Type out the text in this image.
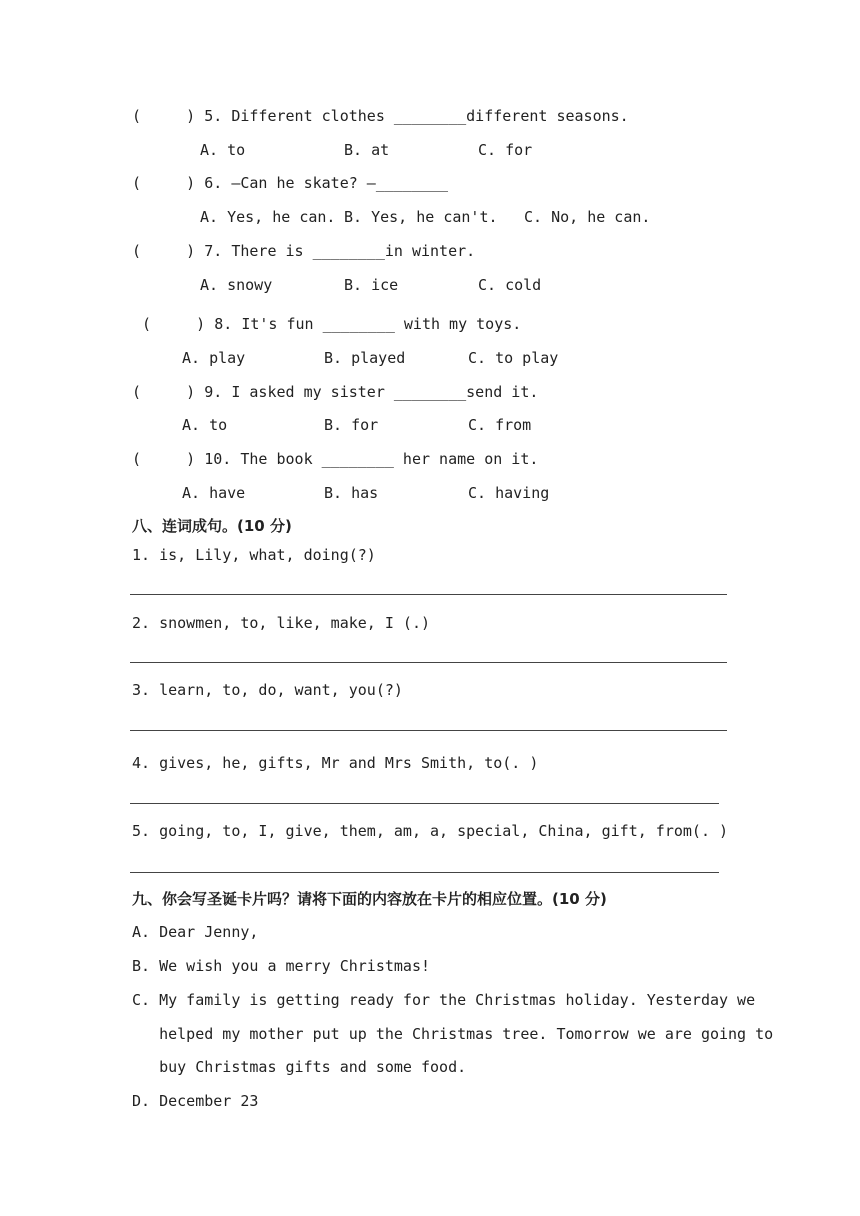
(     ) 5. Different clothes ________different seasons.
A. to	B. at	C. for
(     ) 6. —Can he skate? —________
A. Yes, he can. B. Yes, he can't. C. No, he can.
(     ) 7. There is ________in winter.
A. snowy	B. ice	C. cold
(     ) 8. It's fun ________ with my toys.
A. play	B. played	C. to play
(     ) 9. I asked my sister ________send it.
A. to	B. for	C. from
(     ) 10. The book ________ her name on it.
A. have	B. has	C. having
八、连词成句。(10 分)
1. is, Lily, what, doing(?)
2. snowmen, to, like, make, I (.)
3. learn, to, do, want, you(?)
4. gives, he, gifts, Mr and Mrs Smith, to(. )
5. going, to, I, give, them, am, a, special, China, gift, from(. )
九、你会写圣诞卡片吗？请将下面的内容放在卡片的相应位置。(10 分)
A. Dear Jenny,
B. We wish you a merry Christmas!
C. My family is getting ready for the Christmas holiday. Yesterday we
helped my mother put up the Christmas tree. Tomorrow we are going to
buy Christmas gifts and some food.
D. December 23
